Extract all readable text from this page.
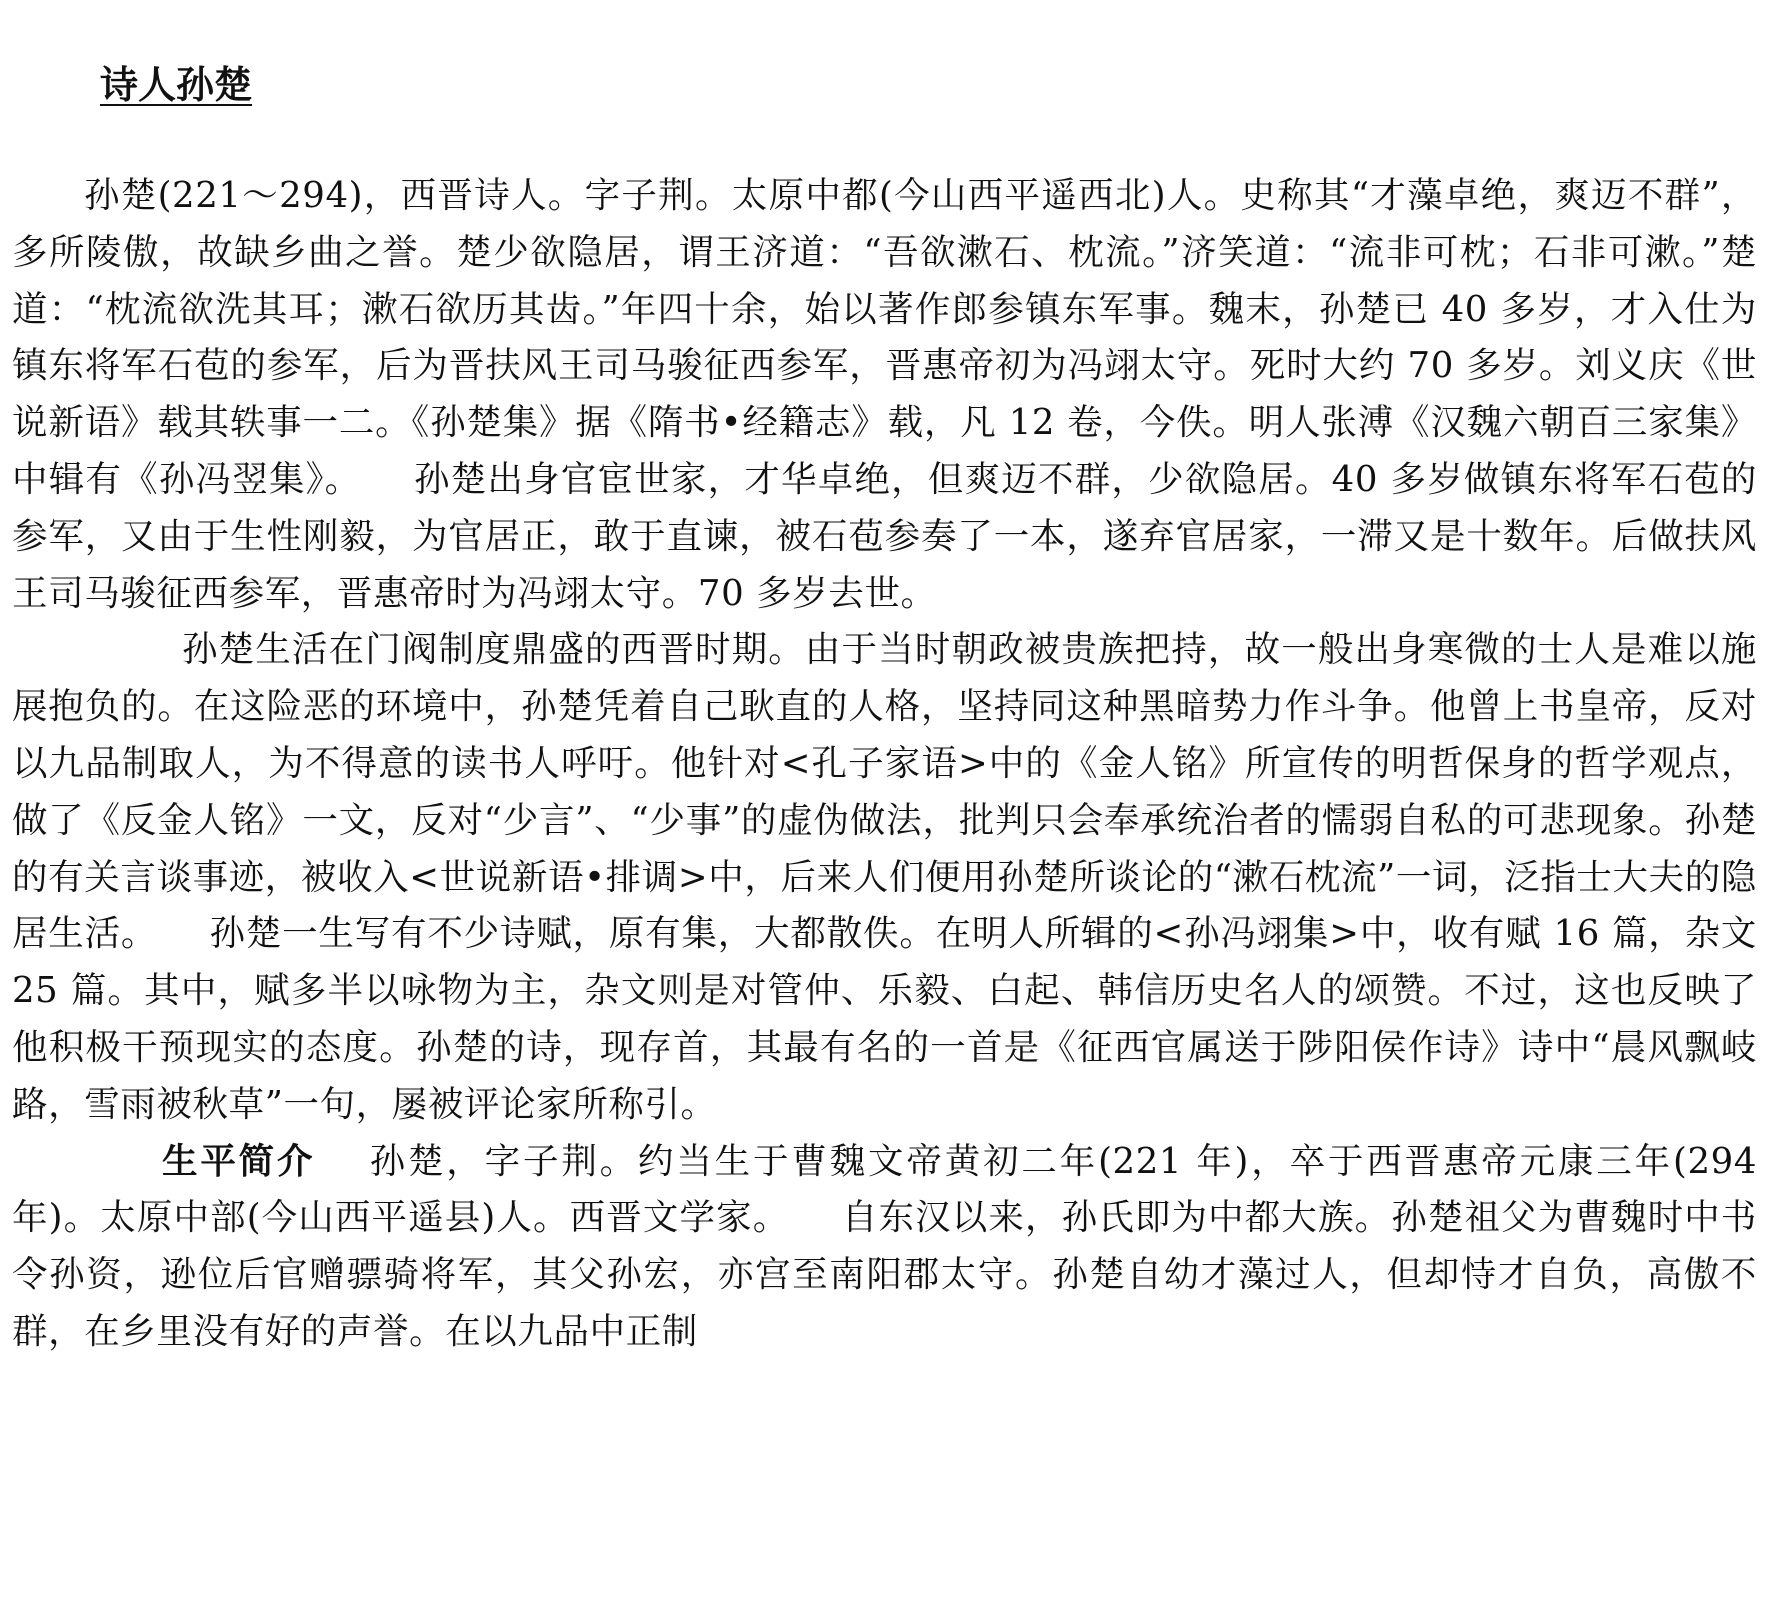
诗人孙楚

孙楚(221～294)，西晋诗人。字子荆。太原中都(今山西平遥西北)人。史称其“才藻卓绝，爽迈不群”，多所陵傲，故缺乡曲之誉。楚少欲隐居，谓王济道：“吾欲漱石、枕流。”济笑道：“流非可枕；石非可漱。”楚道：“枕流欲洗其耳；漱石欲历其齿。”年四十余，始以著作郎参镇东军事。魏末，孙楚已 40 多岁，才入仕为镇东将军石苞的参军，后为晋扶风王司马骏征西参军，晋惠帝初为冯翊太守。死时大约 70 多岁。刘义庆《世说新语》载其轶事一二。《孙楚集》据《隋书•经籍志》载，凡 12 卷，今佚。明人张溥《汉魏六朝百三家集》中辑有《孙冯翌集》。 孙楚出身官宦世家，才华卓绝，但爽迈不群，少欲隐居。40 多岁做镇东将军石苞的参军，又由于生性刚毅，为官居正，敢于直谏，被石苞参奏了一本，遂弃官居家，一滞又是十数年。后做扶风王司马骏征西参军，晋惠帝时为冯翊太守。70 多岁去世。

孙楚生活在门阀制度鼎盛的西晋时期。由于当时朝政被贵族把持，故一般出身寒微的士人是难以施展抱负的。在这险恶的环境中，孙楚凭着自己耿直的人格，坚持同这种黑暗势力作斗争。他曾上书皇帝，反对以九品制取人，为不得意的读书人呼吁。他针对<孔子家语>中的《金人铭》所宣传的明哲保身的哲学观点，做了《反金人铭》一文，反对“少言”、“少事”的虚伪做法，批判只会奉承统治者的懦弱自私的可悲现象。孙楚的有关言谈事迹，被收入<世说新语•排调>中，后来人们便用孙楚所谈论的“漱石枕流”一词，泛指士大夫的隐居生活。 孙楚一生写有不少诗赋，原有集，大都散佚。在明人所辑的<孙冯翊集>中，收有赋 16 篇，杂文 25 篇。其中，赋多半以咏物为主，杂文则是对管仲、乐毅、白起、韩信历史名人的颂赞。不过，这也反映了他积极干预现实的态度。孙楚的诗，现存首，其最有名的一首是《征西官属送于陟阳侯作诗》诗中“晨风飘岐路，雪雨被秋草”一句，屡被评论家所称引。

生平简介 孙楚，字子荆。约当生于曹魏文帝黄初二年(221 年)，卒于西晋惠帝元康三年(294 年)。太原中部(今山西平遥县)人。西晋文学家。 自东汉以来，孙氏即为中都大族。孙楚祖父为曹魏时中书令孙资，逊位后官赠骠骑将军，其父孙宏，亦宫至南阳郡太守。孙楚自幼才藻过人，但却恃才自负，高傲不群，在乡里没有好的声誉。在以九品中正制
